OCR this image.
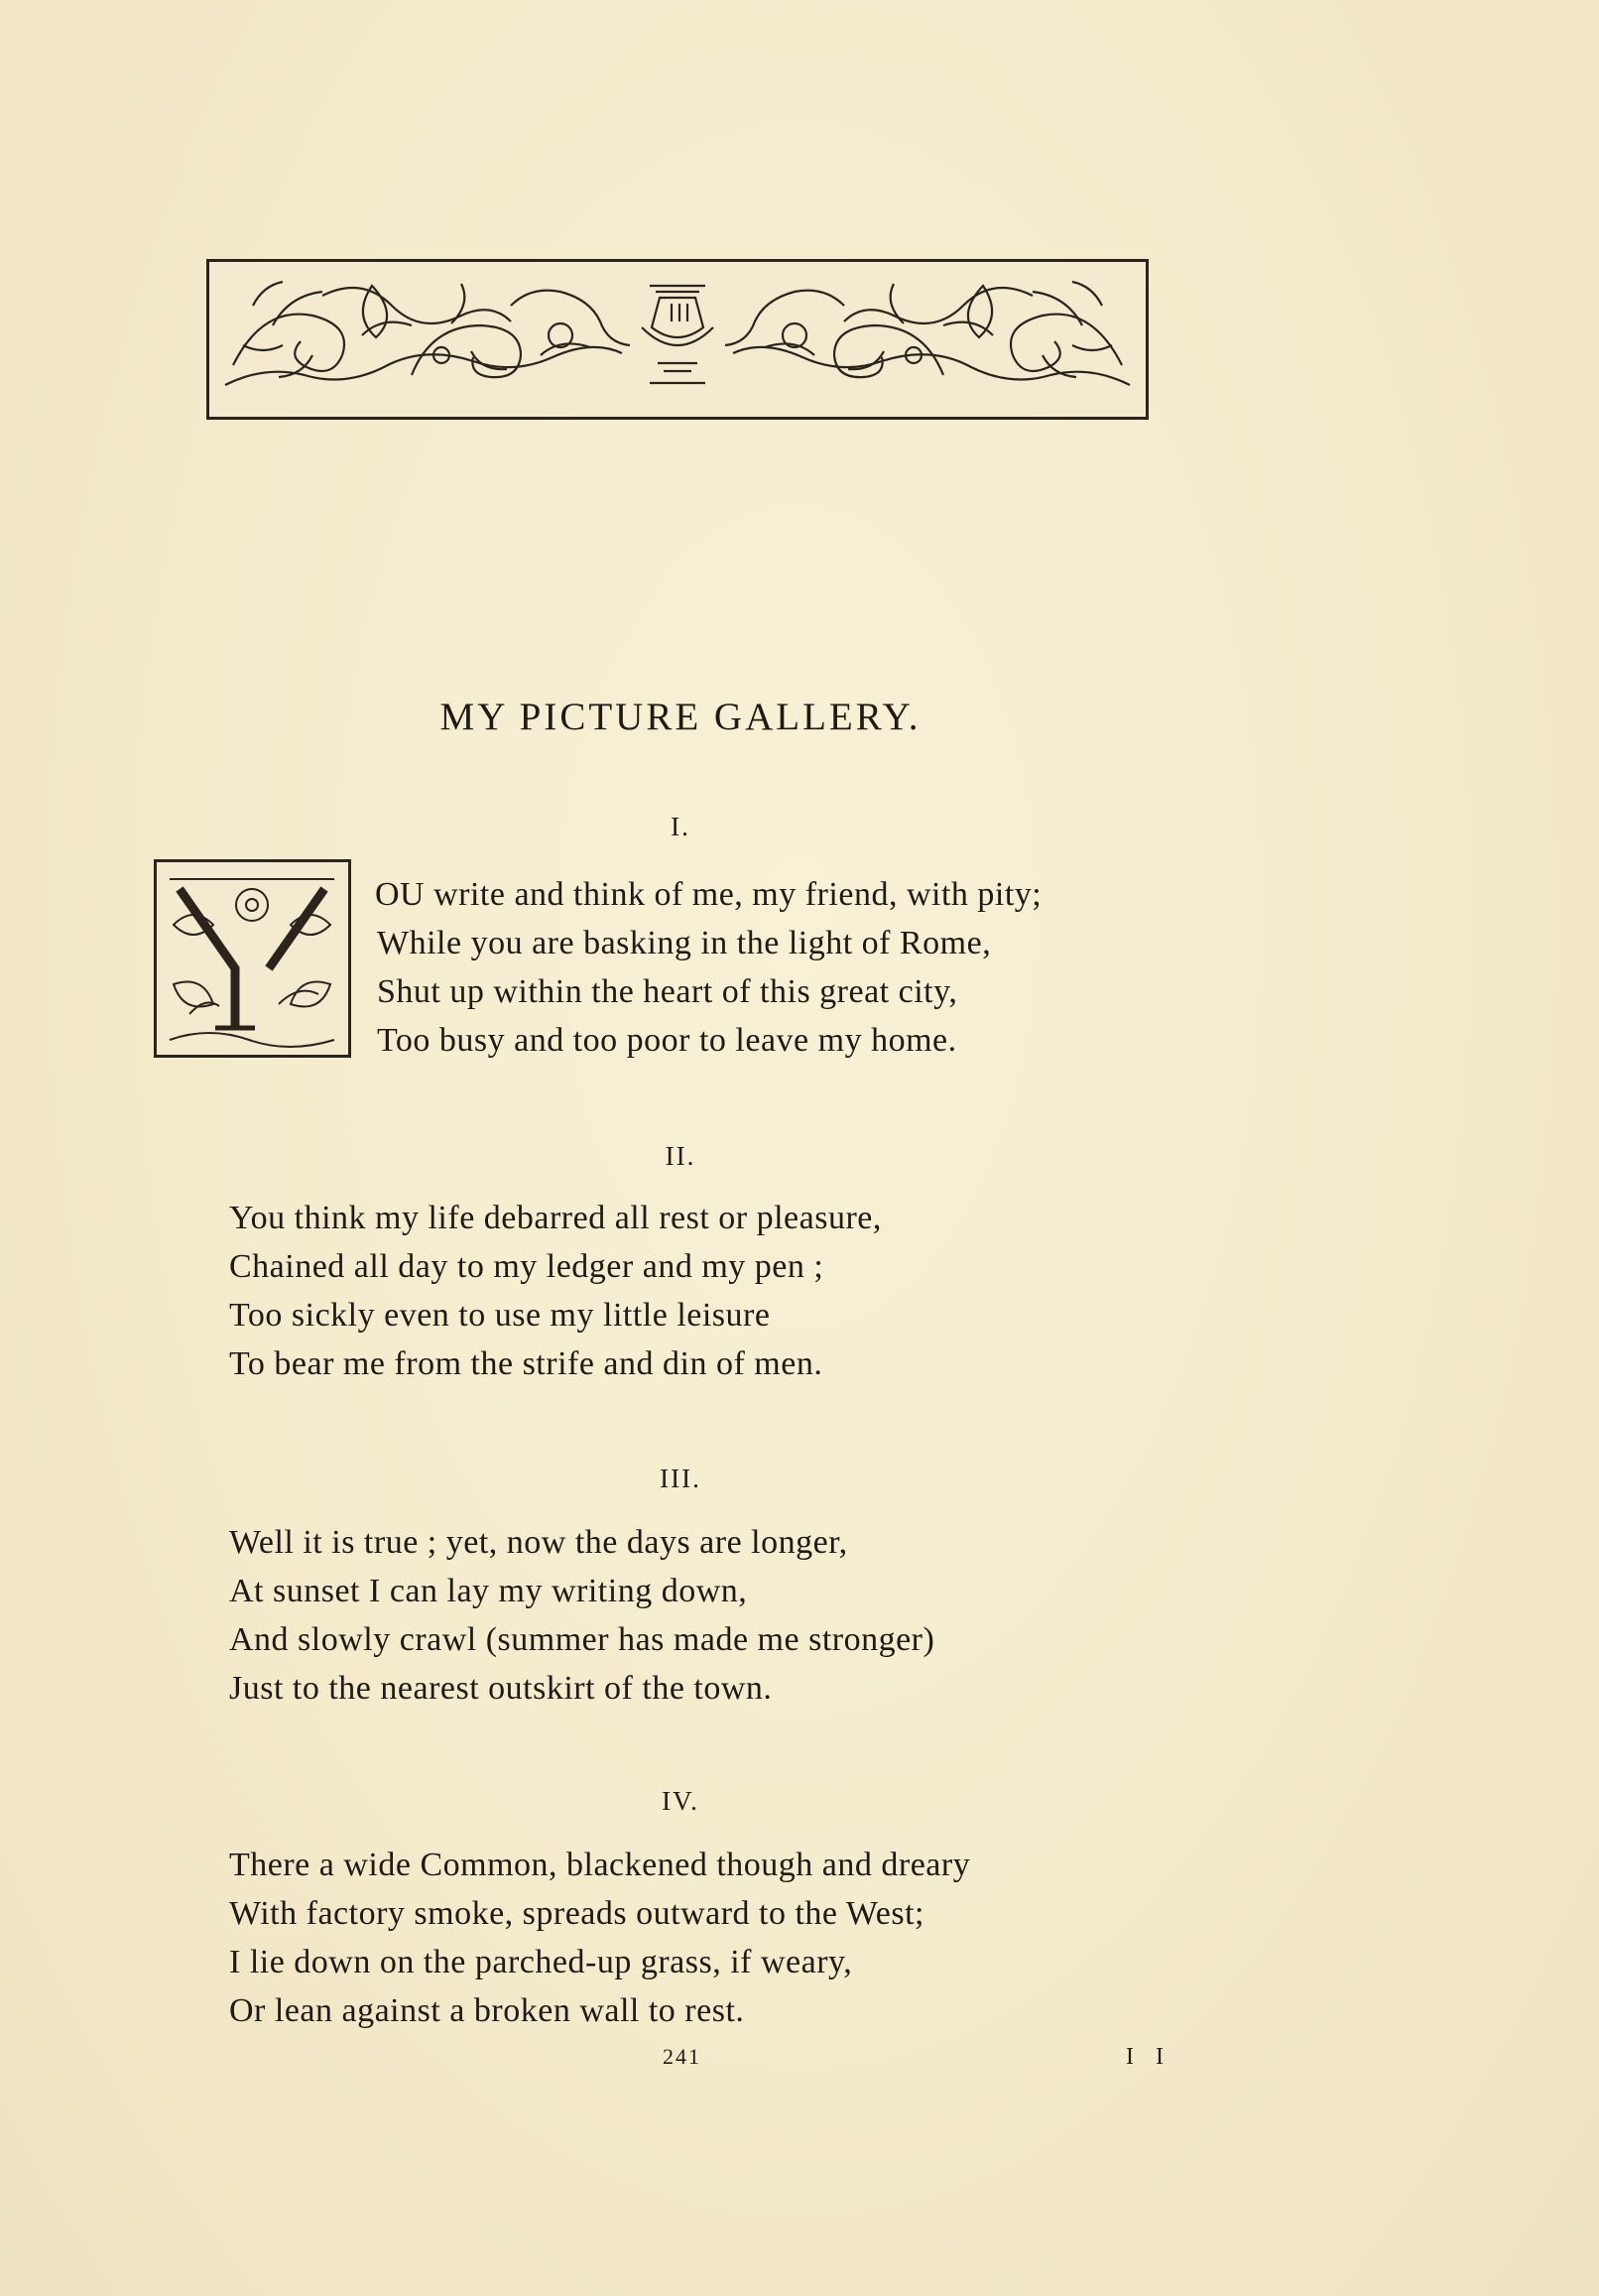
MY PICTURE GALLERY.
I.
OU write and think of me, my friend, with pity;
While you are basking in the light of Rome,
Shut up within the heart of this great city,
Too busy and too poor to leave my home.
II.
You think my life debarred all rest or pleasure,
Chained all day to my ledger and my pen ;
Too sickly even to use my little leisure
To bear me from the strife and din of men.
III.
Well it is true ; yet, now the days are longer,
At sunset I can lay my writing down,
And slowly crawl (summer has made me stronger)
Just to the nearest outskirt of the town.
IV.
There a wide Common, blackened though and dreary
With factory smoke, spreads outward to the West;
I lie down on the parched-up grass, if weary,
Or lean against a broken wall to rest.
241	I I
